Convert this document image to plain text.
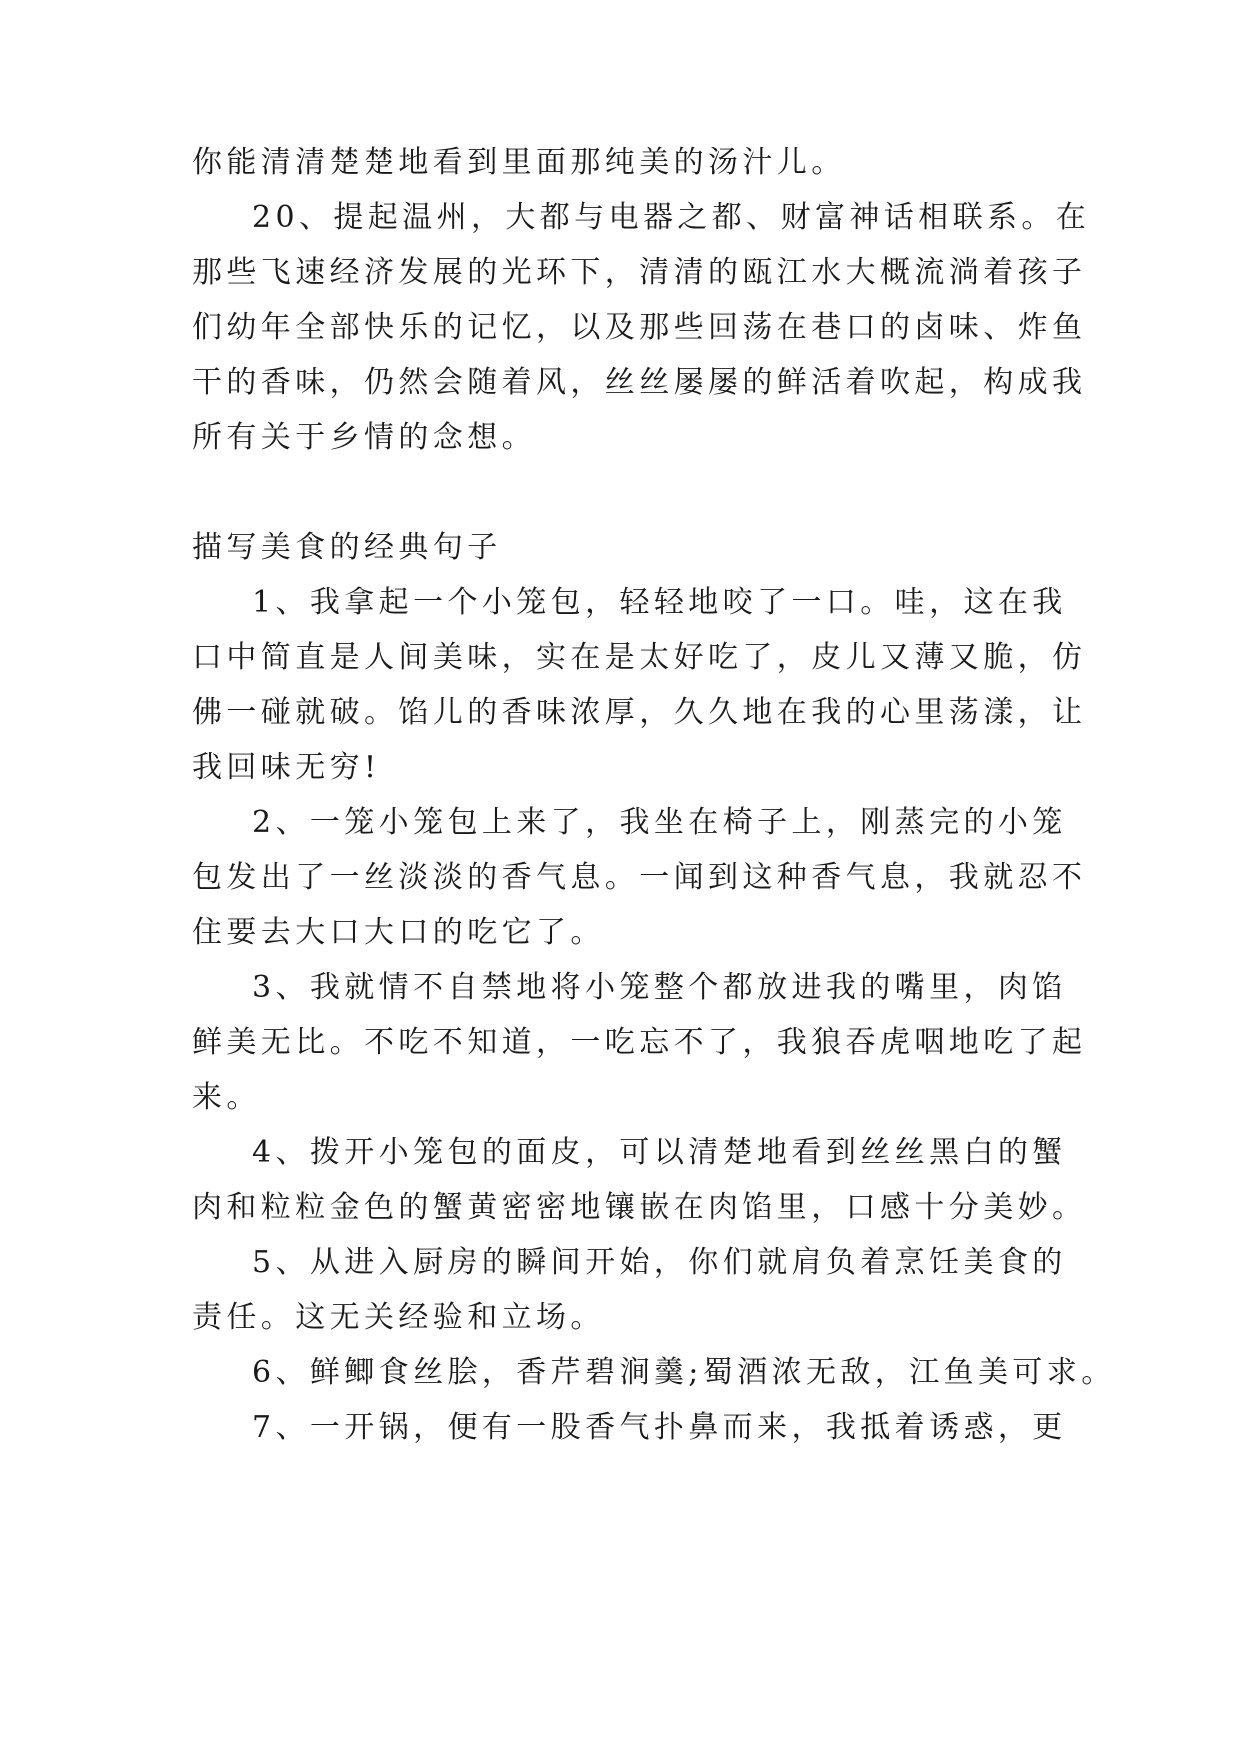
你能清清楚楚地看到里面那纯美的汤汁儿。
20、提起温州，大都与电器之都、财富神话相联系。在
那些飞速经济发展的光环下，清清的瓯江水大概流淌着孩子
们幼年全部快乐的记忆，以及那些回荡在巷口的卤味、炸鱼
干的香味，仍然会随着风，丝丝屡屡的鲜活着吹起，构成我
所有关于乡情的念想。
描写美食的经典句子
1、我拿起一个小笼包，轻轻地咬了一口。哇，这在我
口中简直是人间美味，实在是太好吃了，皮儿又薄又脆，仿
佛一碰就破。馅儿的香味浓厚，久久地在我的心里荡漾，让
我回味无穷!
2、一笼小笼包上来了，我坐在椅子上，刚蒸完的小笼
包发出了一丝淡淡的香气息。一闻到这种香气息，我就忍不
住要去大口大口的吃它了。
3、我就情不自禁地将小笼整个都放进我的嘴里，肉馅
鲜美无比。不吃不知道，一吃忘不了，我狼吞虎咽地吃了起
来。
4、拨开小笼包的面皮，可以清楚地看到丝丝黑白的蟹
肉和粒粒金色的蟹黄密密地镶嵌在肉馅里，口感十分美妙。
5、从进入厨房的瞬间开始，你们就肩负着烹饪美食的
责任。这无关经验和立场。
6、鲜鲫食丝脍，香芹碧涧羹;蜀酒浓无敌，江鱼美可求。
7、一开锅，便有一股香气扑鼻而来，我抵着诱惑，更
